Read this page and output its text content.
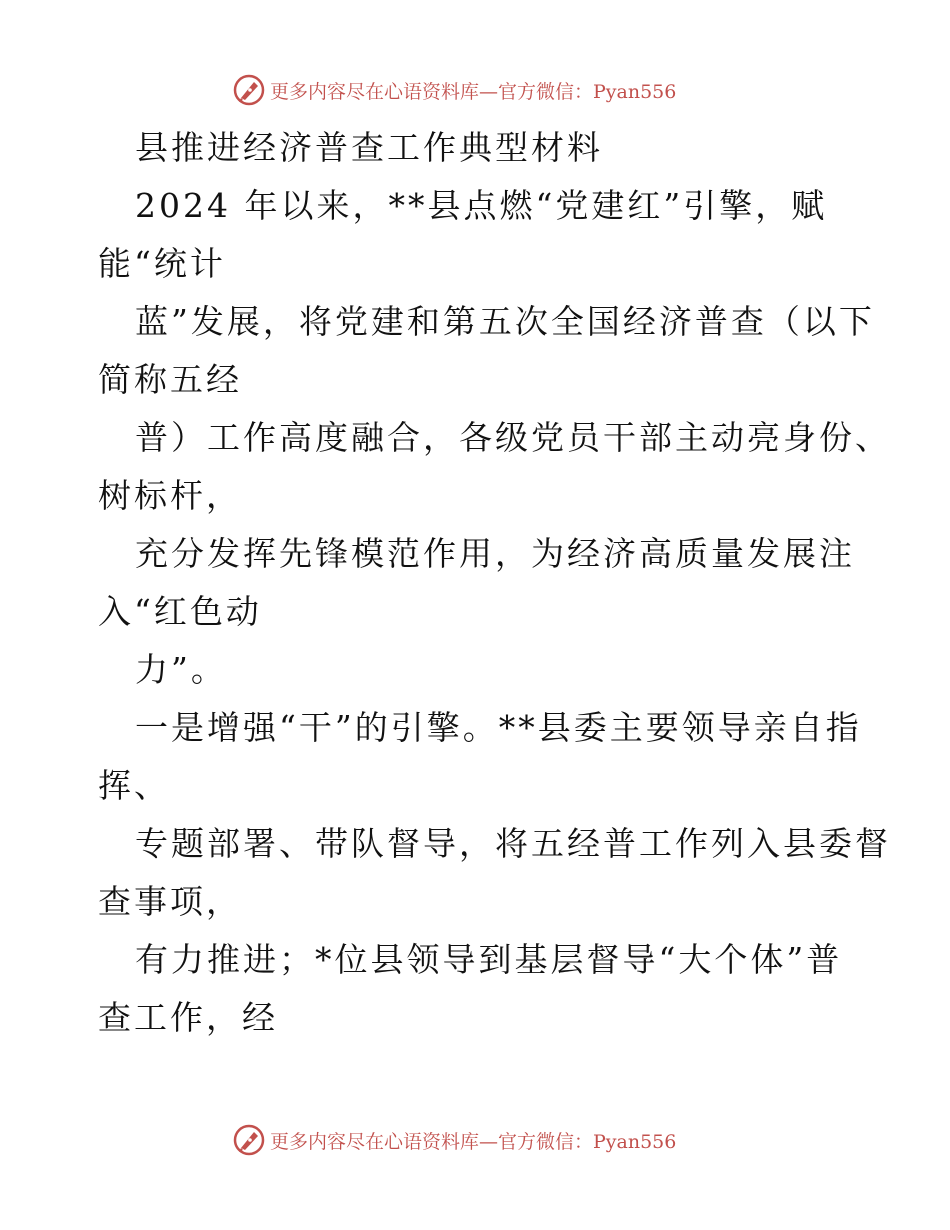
更多内容尽在心语资料库—官方微信：Pyan556
县推进经济普查工作典型材料
2024 年以来，**县点燃“党建红”引擎，赋
能“统计
蓝”发展，将党建和第五次全国经济普查（以下
简称五经
普）工作高度融合，各级党员干部主动亮身份、
树标杆，
充分发挥先锋模范作用，为经济高质量发展注
入“红色动
力”。
一是增强“干”的引擎。**县委主要领导亲自指
挥、
专题部署、带队督导，将五经普工作列入县委督
查事项，
有力推进；*位县领导到基层督导“大个体”普
查工作，经
更多内容尽在心语资料库—官方微信：Pyan556
